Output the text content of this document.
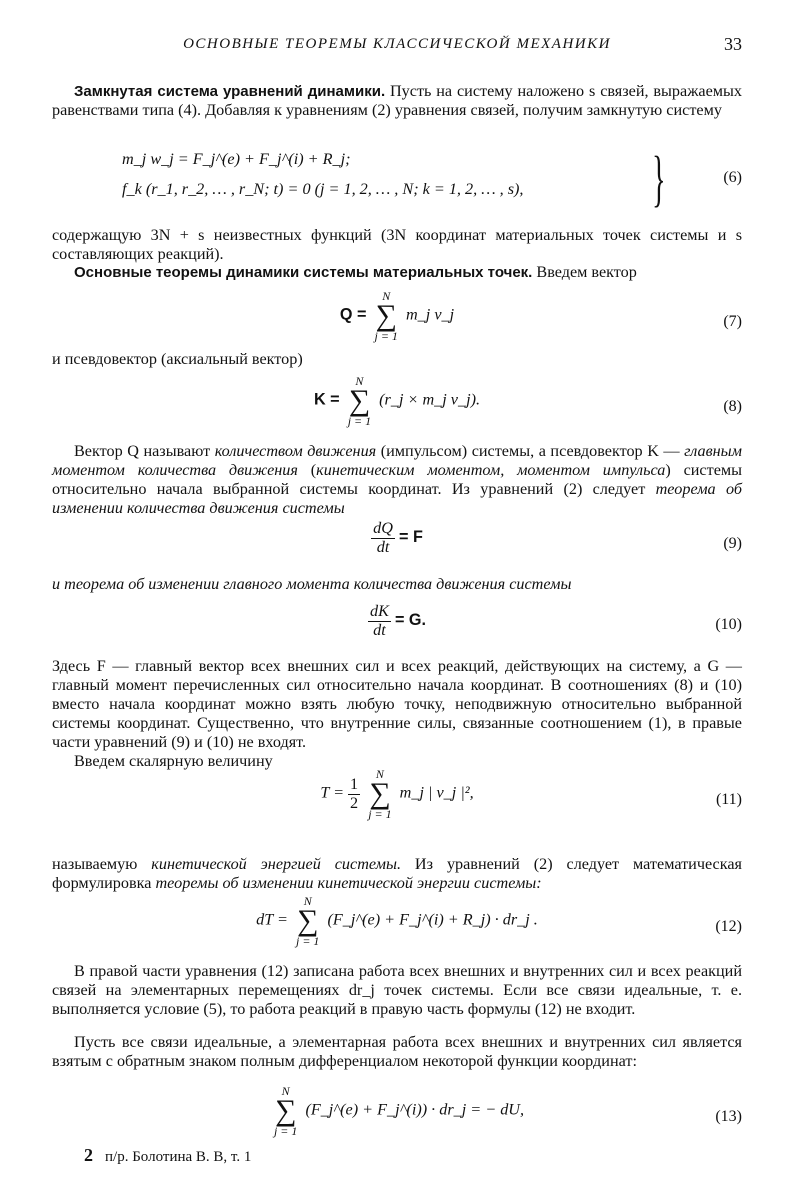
ОСНОВНЫЕ ТЕОРЕМЫ КЛАССИЧЕСКОЙ МЕХАНИКИ	33

Замкнутая система уравнений динамики. Пусть на систему наложено s связей, выражаемых равенствами типа (4). Добавляя к уравнениям (2) уравнения связей, получим замкнутую систему

m_j w_j = F_j^(e) + F_j^(i) + R_j;
f_k (r_1, r_2, … , r_N; t) = 0 (j = 1, 2, … , N; k = 1, 2, … , s), }	(6)

содержащую 3N + s неизвестных функций (3N координат материальных точек системы и s составляющих реакций).

Основные теоремы динамики системы материальных точек. Введем вектор

Q =
N
∑
j = 1
m_j v_j	(7)

и псевдовектор (аксиальный вектор)

K =
N
∑
j = 1
(r_j × m_j v_j).	(8)

Вектор Q называют количеством движения (импульсом) системы, а псевдовектор K — главным моментом количества движения (кинетическим моментом, моментом импульса) системы относительно начала выбранной системы координат. Из уравнений (2) следует теорема об изменении количества движения системы

$\frac{dQ}{dt} = F$	(9)

и теорема об изменении главного момента количества движения системы

$\frac{dK}{dt} = G$.	(10)

Здесь F — главный вектор всех внешних сил и всех реакций, действующих на систему, а G — главный момент перечисленных сил относительно начала координат. В соотношениях (8) и (10) вместо начала координат можно взять любую точку, неподвижную относительно выбранной системы координат. Существенно, что внутренние силы, связанные соотношением (1), в правые части уравнений (9) и (10) не входят.

Введем скалярную величину

$T = \frac{1}{2}$

N
∑
j = 1
m_j | v_j |²,	(11)

называемую кинетической энергией системы. Из уравнений (2) следует математическая формулировка теоремы об изменении кинетической энергии системы:

dT =
N
∑
j = 1
(F_j^(e) + F_j^(i) + R_j) · dr_j .	(12)

В правой части уравнения (12) записана работа всех внешних и внутренних сил и всех реакций связей на элементарных перемещениях dr_j точек системы. Если все связи идеальные, т. е. выполняется условие (5), то работа реакций в правую часть формулы (12) не входит.

Пусть все связи идеальные, а элементарная работа всех внешних и внутренних сил является взятым с обратным знаком полным дифференциалом некоторой функции координат:

N
∑
j = 1
(F_j^(e) + F_j^(i)) · dr_j = − dU,	(13)
2 п/р. Болотина В. В, т. 1
